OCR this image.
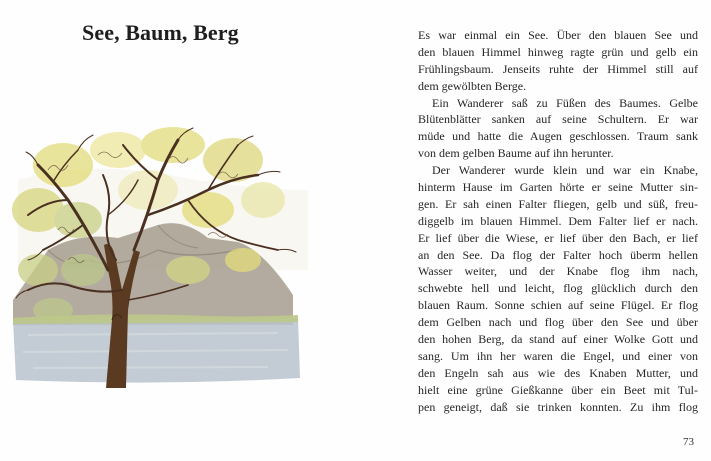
See, Baum, Berg	Es war einmal ein See. Über den blauen See und
den blauen Himmel hinweg ragte grün und gelb ein
Frühlingsbaum. Jenseits ruhte der Himmel still auf
dem gewölbten Berge.
Ein Wanderer saß zu Füßen des Baumes. Gelbe
Blütenblätter sanken auf seine Schultern. Er war
müde und hatte die Augen geschlossen. Traum sank
von dem gelben Baume auf ihn herunter.
Der Wanderer wurde klein und war ein Knabe,
hinterm Hause im Garten hörte er seine Mutter sin-
gen. Er sah einen Falter fliegen, gelb und süß, freu-
diggelb im blauen Himmel. Dem Falter lief er nach.
Er lief über die Wiese, er lief über den Bach, er lief
an den See. Da flog der Falter hoch überm hellen
Wasser weiter, und der Knabe flog ihm nach,
schwebte hell und leicht, flog glücklich durch den
blauen Raum. Sonne schien auf seine Flügel. Er flog
dem Gelben nach und flog über den See und über
den hohen Berg, da stand auf einer Wolke Gott und
sang. Um ihn her waren die Engel, und einer von
den Engeln sah aus wie des Knaben Mutter, und
hielt eine grüne Gießkanne über ein Beet mit Tul-
pen geneigt, daß sie trinken konnten. Zu ihm flog
73
